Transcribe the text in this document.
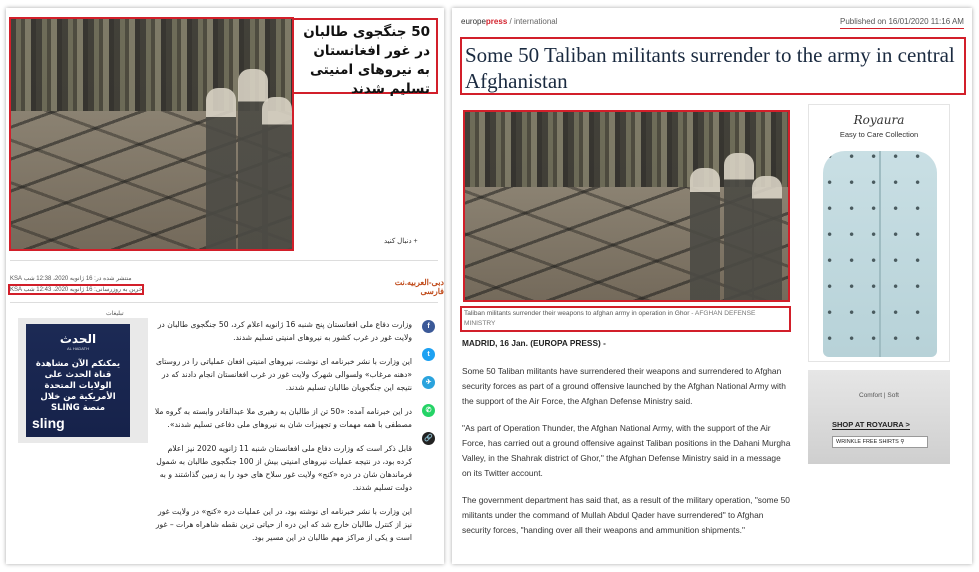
50 جنگجوی طالبان در غور افغانستان به نیروهای امنیتی تسلیم شدند
+ دنبال کنید
منتشر شده در: 16 ژانویه 2020، 12:38 شب KSA
آخرین به روزرسانی: 16 ژانویه 2020، 12:43 شب KSA
دبی-العربیه.نت فارسی
تبلیغات
الحدث
AL HADATH
يمكنكم الآن مشاهدة قناة الحدث على الولايات المتحدة الأمريكية من خلال منصة SLING
sling

وزارت دفاع ملی افغانستان پنج شنبه 16 ژانویه اعلام کرد، 50 جنگجوی طالبان در ولایت غور در غرب کشور به نیروهای امنیتی تسلیم شدند.

این وزارت با نشر خبرنامه ای نوشت، نیروهای امنیتی افغان عملیاتی را در روستای «دهنه مرغاب» ولسوالی شهرک ولایت غور در غرب افغانستان انجام دادند که در نتیجه این جنگجویان طالبان تسلیم شدند.

در این خبرنامه آمده: «50 تن از طالبان به رهبری ملا عبدالقادر وابسته به گروه ملا مصطفی با همه مهمات و تجهیزات شان به نیروهای ملی دفاعی تسلیم شدند».

قابل ذکر است که وزارت دفاع ملی افغانستان شنبه 11 ژانویه 2020 نیز اعلام کرده بود، در نتیجه عملیات نیروهای امنیتی بیش از 100 جنگجوی طالبان به شمول فرماندهان شان در دره «کنج» ولایت غور سلاح های خود را به زمین گذاشتند و به دولت تسلیم شدند.

این وزارت با نشر خبرنامه ای نوشته بود، در این عملیات دره «کنج» در ولایت غور نیز از کنترل طالبان خارج شد که این دره از حیاتی ترین نقطه شاهراه هرات – غور است و یکی از مراکز مهم طالبان در این مسیر بود.

f
t
✈
✆
🔗
europepress / international	Published on 16/01/2020 11:16 AM
Some 50 Taliban militants surrender to the army in central Afghanistan
Taliban militants surrender their weapons to afghan army in operation in Ghor - AFGHAN DEFENSE MINISTRY
MADRID, 16 Jan. (EUROPA PRESS) -

Some 50 Taliban militants have surrendered their weapons and surrendered to Afghan security forces as part of a ground offensive launched by the Afghan National Army with the support of the Air Force, the Afghan Defense Ministry said.

"As part of Operation Thunder, the Afghan National Army, with the support of the Air Force, has carried out a ground offensive against Taliban positions in the Dahani Murgha Valley, in the Shahrak district of Ghor," the Afghan Defense Ministry said in a message on its Twitter account.

The government department has said that, as a result of the military operation, "some 50 militants under the command of Mullah Abdul Qader have surrendered" to Afghan security forces, "handing over all their weapons and ammunition shipments."

Royaura
Easy to Care Collection
Comfort | Soft
SHOP AT ROYAURA >
WRINKLE FREE SHIRTS ⚲
